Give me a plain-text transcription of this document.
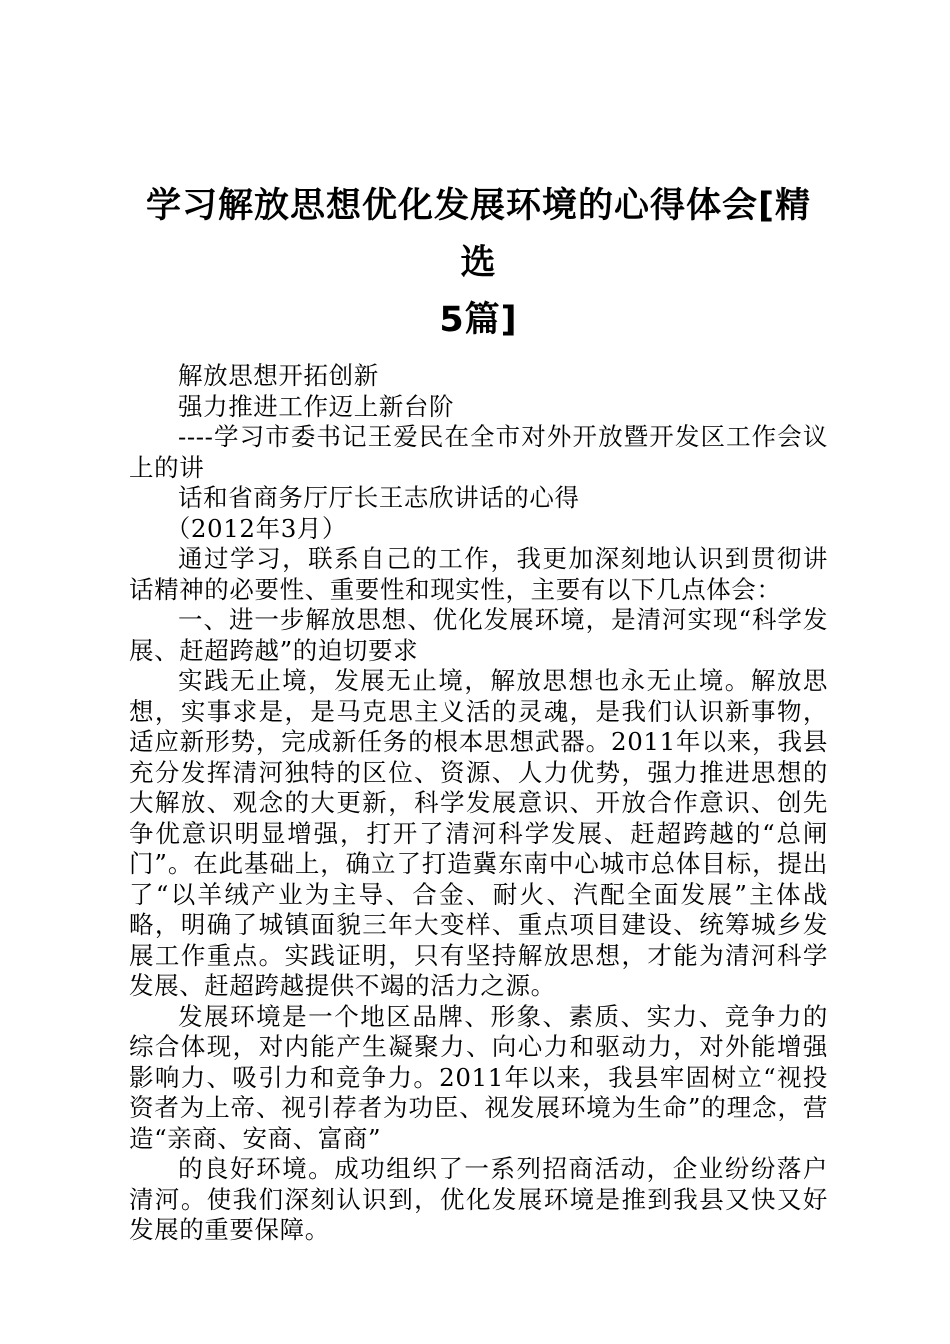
学习解放思想优化发展环境的心得体会[精选
5篇]

解放思想开拓创新

强力推进工作迈上新台阶

----学习市委书记王爱民在全市对外开放暨开发区工作会议上的讲

话和省商务厅厅长王志欣讲话的心得

（2012年3月）

通过学习，联系自己的工作，我更加深刻地认识到贯彻讲话精神的必要性、重要性和现实性，主要有以下几点体会：

一、进一步解放思想、优化发展环境，是清河实现“科学发展、赶超跨越”的迫切要求

实践无止境，发展无止境，解放思想也永无止境。解放思想，实事求是，是马克思主义活的灵魂，是我们认识新事物，适应新形势，完成新任务的根本思想武器。2011年以来，我县充分发挥清河独特的区位、资源、人力优势，强力推进思想的大解放、观念的大更新，科学发展意识、开放合作意识、创先争优意识明显增强，打开了清河科学发展、赶超跨越的“总闸门”。在此基础上，确立了打造冀东南中心城市总体目标，提出了“以羊绒产业为主导、合金、耐火、汽配全面发展”主体战略，明确了城镇面貌三年大变样、重点项目建设、统筹城乡发展工作重点。实践证明，只有坚持解放思想，才能为清河科学发展、赶超跨越提供不竭的活力之源。

发展环境是一个地区品牌、形象、素质、实力、竞争力的综合体现，对内能产生凝聚力、向心力和驱动力，对外能增强影响力、吸引力和竞争力。2011年以来，我县牢固树立“视投资者为上帝、视引荐者为功臣、视发展环境为生命”的理念，营造“亲商、安商、富商”

的良好环境。成功组织了一系列招商活动，企业纷纷落户清河。使我们深刻认识到，优化发展环境是推到我县又快又好发展的重要保障。
